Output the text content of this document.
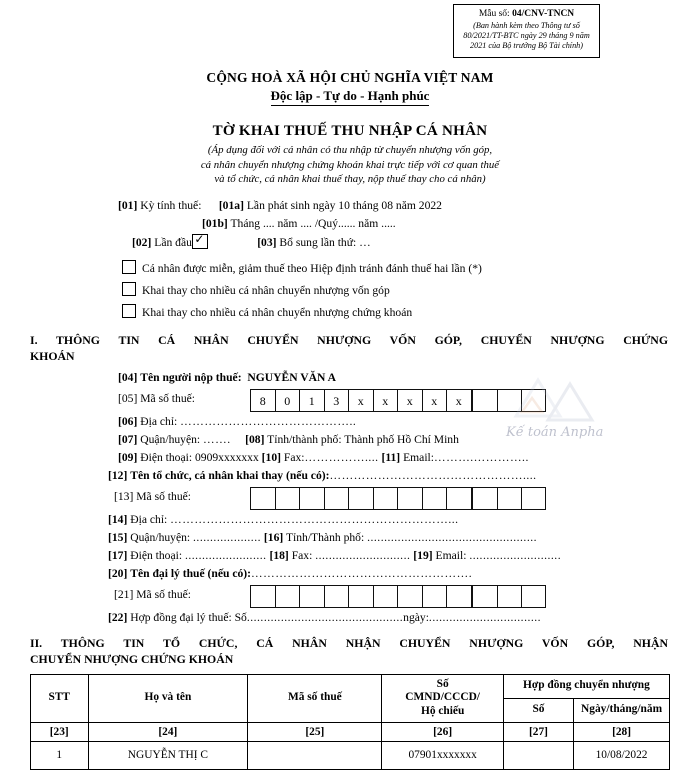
Mẫu số: 04/CNV-TNCN
(Ban hành kèm theo Thông tư số
80/2021/TT-BTC ngày 29 tháng 9 năm
2021 của Bộ trưởng Bộ Tài chính)
CỘNG HOÀ XÃ HỘI CHỦ NGHĨA VIỆT NAM
Độc lập - Tự do - Hạnh phúc
TỜ KHAI THUẾ THU NHẬP CÁ NHÂN
(Áp dụng đối với cá nhân có thu nhập từ chuyển nhượng vốn góp,
cá nhân chuyển nhượng chứng khoán khai trực tiếp với cơ quan thuế
và tổ chức, cá nhân khai thuế thay, nộp thuế thay cho cá nhân)
[01] Kỳ tính thuế: [01a] Lần phát sinh ngày 10 tháng 08 năm 2022
[01b] Tháng .... năm .... /Quý...... năm .....
[02] Lần đầu ✓	[03] Bổ sung lần thứ: …
Cá nhân được miễn, giảm thuế theo Hiệp định tránh đánh thuế hai lần (*)
Khai thay cho nhiều cá nhân chuyển nhượng vốn góp
Khai thay cho nhiều cá nhân chuyển nhượng chứng khoán
I. THÔNG TIN CÁ NHÂN CHUYỂN NHƯỢNG VỐN GÓP, CHUYỂN NHƯỢNG CHỨNG
KHOÁN
[04] Tên người nộp thuế: NGUYỄN VĂN A
[05] Mã số thuế:	8	0	1	3	x	x	x	x	x
[06] Địa chỉ: ……………………………………..
[07] Quận/huyện: ……. [08] Tỉnh/thành phố: Thành phố Hồ Chí Minh
[09] Điện thoại: 0909xxxxxxx [10] Fax:…………….... [11] Email:……….…………..
[12] Tên tổ chức, cá nhân khai thay (nếu có):…………………………………………....
[13] Mã số thuế:
[14] Địa chỉ: ……………………………………………………………...
[15] Quận/huyện: .................... [16] Tỉnh/Thành phố: ..................................................
[17] Điện thoại: ........................ [18] Fax: ............................ [19] Email: ...........................
[20] Tên đại lý thuế (nếu có):……………………………………………….
[21] Mã số thuế:
[22] Hợp đồng đại lý thuế: Số..............................................ngày:.................................
II. THÔNG TIN TỔ CHỨC, CÁ NHÂN NHẬN CHUYỂN NHƯỢNG VỐN GÓP, NHẬN
CHUYỂN NHƯỢNG CHỨNG KHOÁN
STT	Họ và tên	Mã số thuế	Số
CMND/CCCD/
Hộ chiếu	Hợp đồng chuyển nhượng	
				Số	Ngày/tháng/năm
[23]	[24]	[25]	[26]	[27]	[28]
1	NGUYỄN THỊ C		07901xxxxxxx		10/08/2022
Kế toán Anpha
